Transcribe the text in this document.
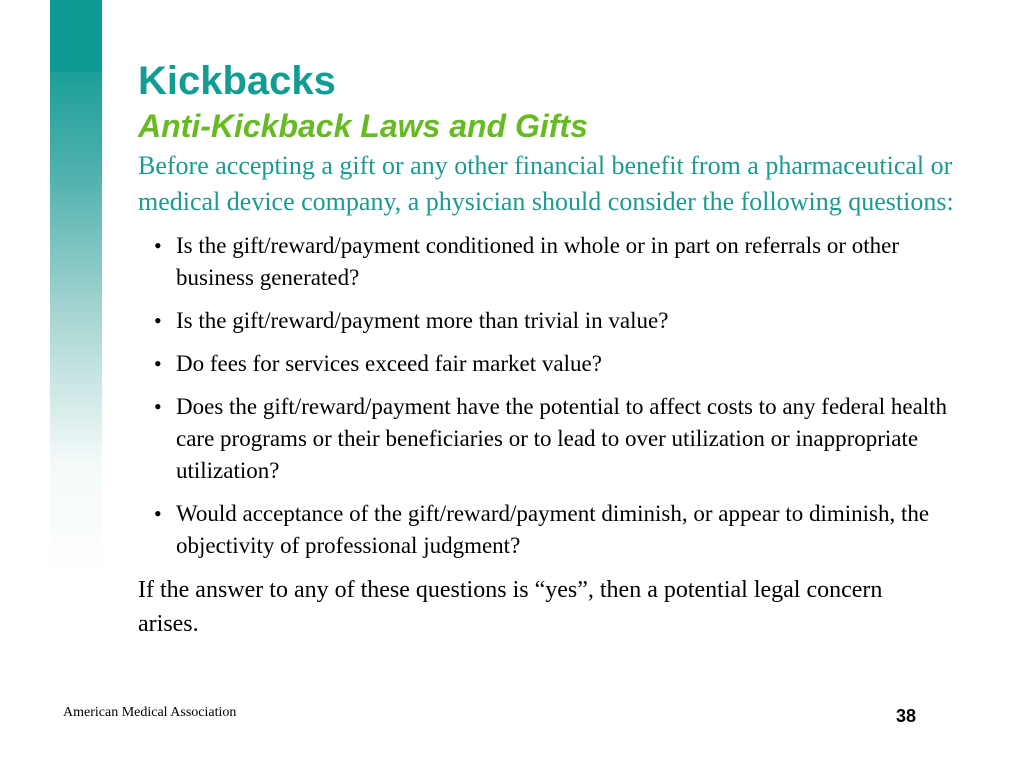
Kickbacks
Anti-Kickback Laws and Gifts

Before accepting a gift or any other financial benefit from a pharmaceutical or medical device company, a physician should consider the following questions:

• Is the gift/reward/payment conditioned in whole or in part on referrals or other business generated?
• Is the gift/reward/payment more than trivial in value?
• Do fees for services exceed fair market value?
• Does the gift/reward/payment have the potential to affect costs to any federal health care programs or their beneficiaries or to lead to over utilization or inappropriate utilization?
• Would acceptance of the gift/reward/payment diminish, or appear to diminish, the objectivity of professional judgment?

If the answer to any of these questions is “yes”, then a potential legal concern arises.

American Medical Association	38
